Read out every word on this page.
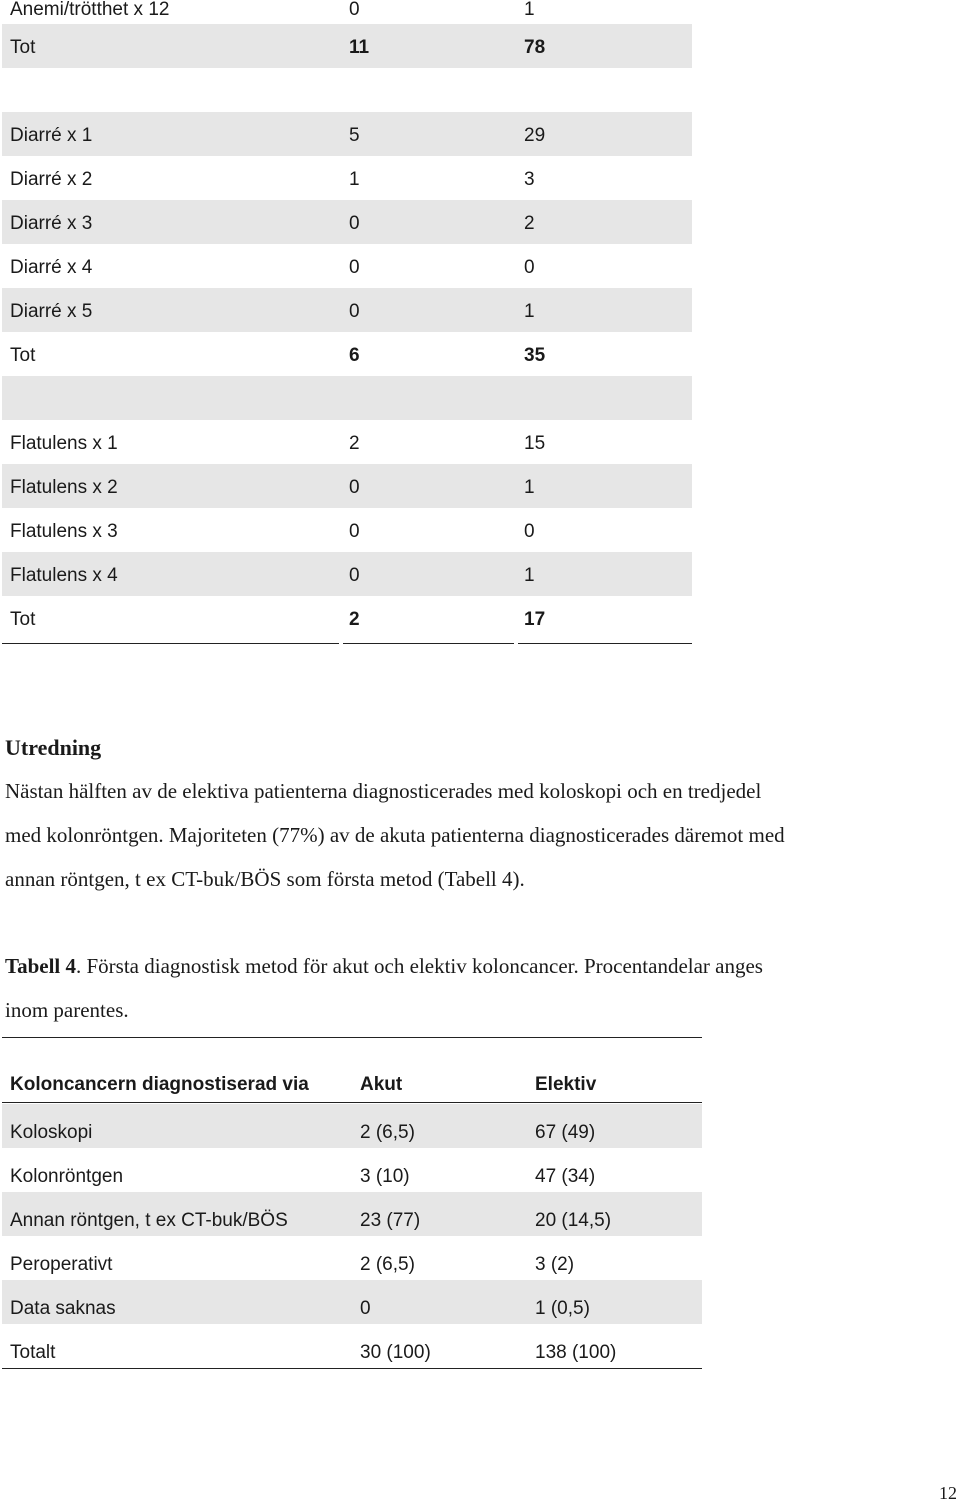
Anemi/trötthet x 12	0	1
Tot	11	78
Diarré x 1	5	29
Diarré x 2	1	3
Diarré x 3	0	2
Diarré x 4	0	0
Diarré x 5	0	1
Tot	6	35
Flatulens x 1	2	15
Flatulens x 2	0	1
Flatulens x 3	0	0
Flatulens x 4	0	1
Tot	2	17
Utredning
Nästan hälften av de elektiva patienterna diagnosticerades med koloskopi och en tredjedel
med kolonröntgen. Majoriteten (77%) av de akuta patienterna diagnosticerades däremot med
annan röntgen, t ex CT-buk/BÖS som första metod (Tabell 4).
Tabell 4. Första diagnostisk metod för akut och elektiv koloncancer. Procentandelar anges
inom parentes.
Koloncancern diagnostiserad via	Akut	Elektiv
Koloskopi	2 (6,5)	67 (49)
Kolonröntgen	3 (10)	47 (34)
Annan röntgen, t ex CT-buk/BÖS	23 (77)	20 (14,5)
Peroperativt	2 (6,5)	3 (2)
Data saknas	0	1 (0,5)
Totalt	30 (100)	138 (100)
12
